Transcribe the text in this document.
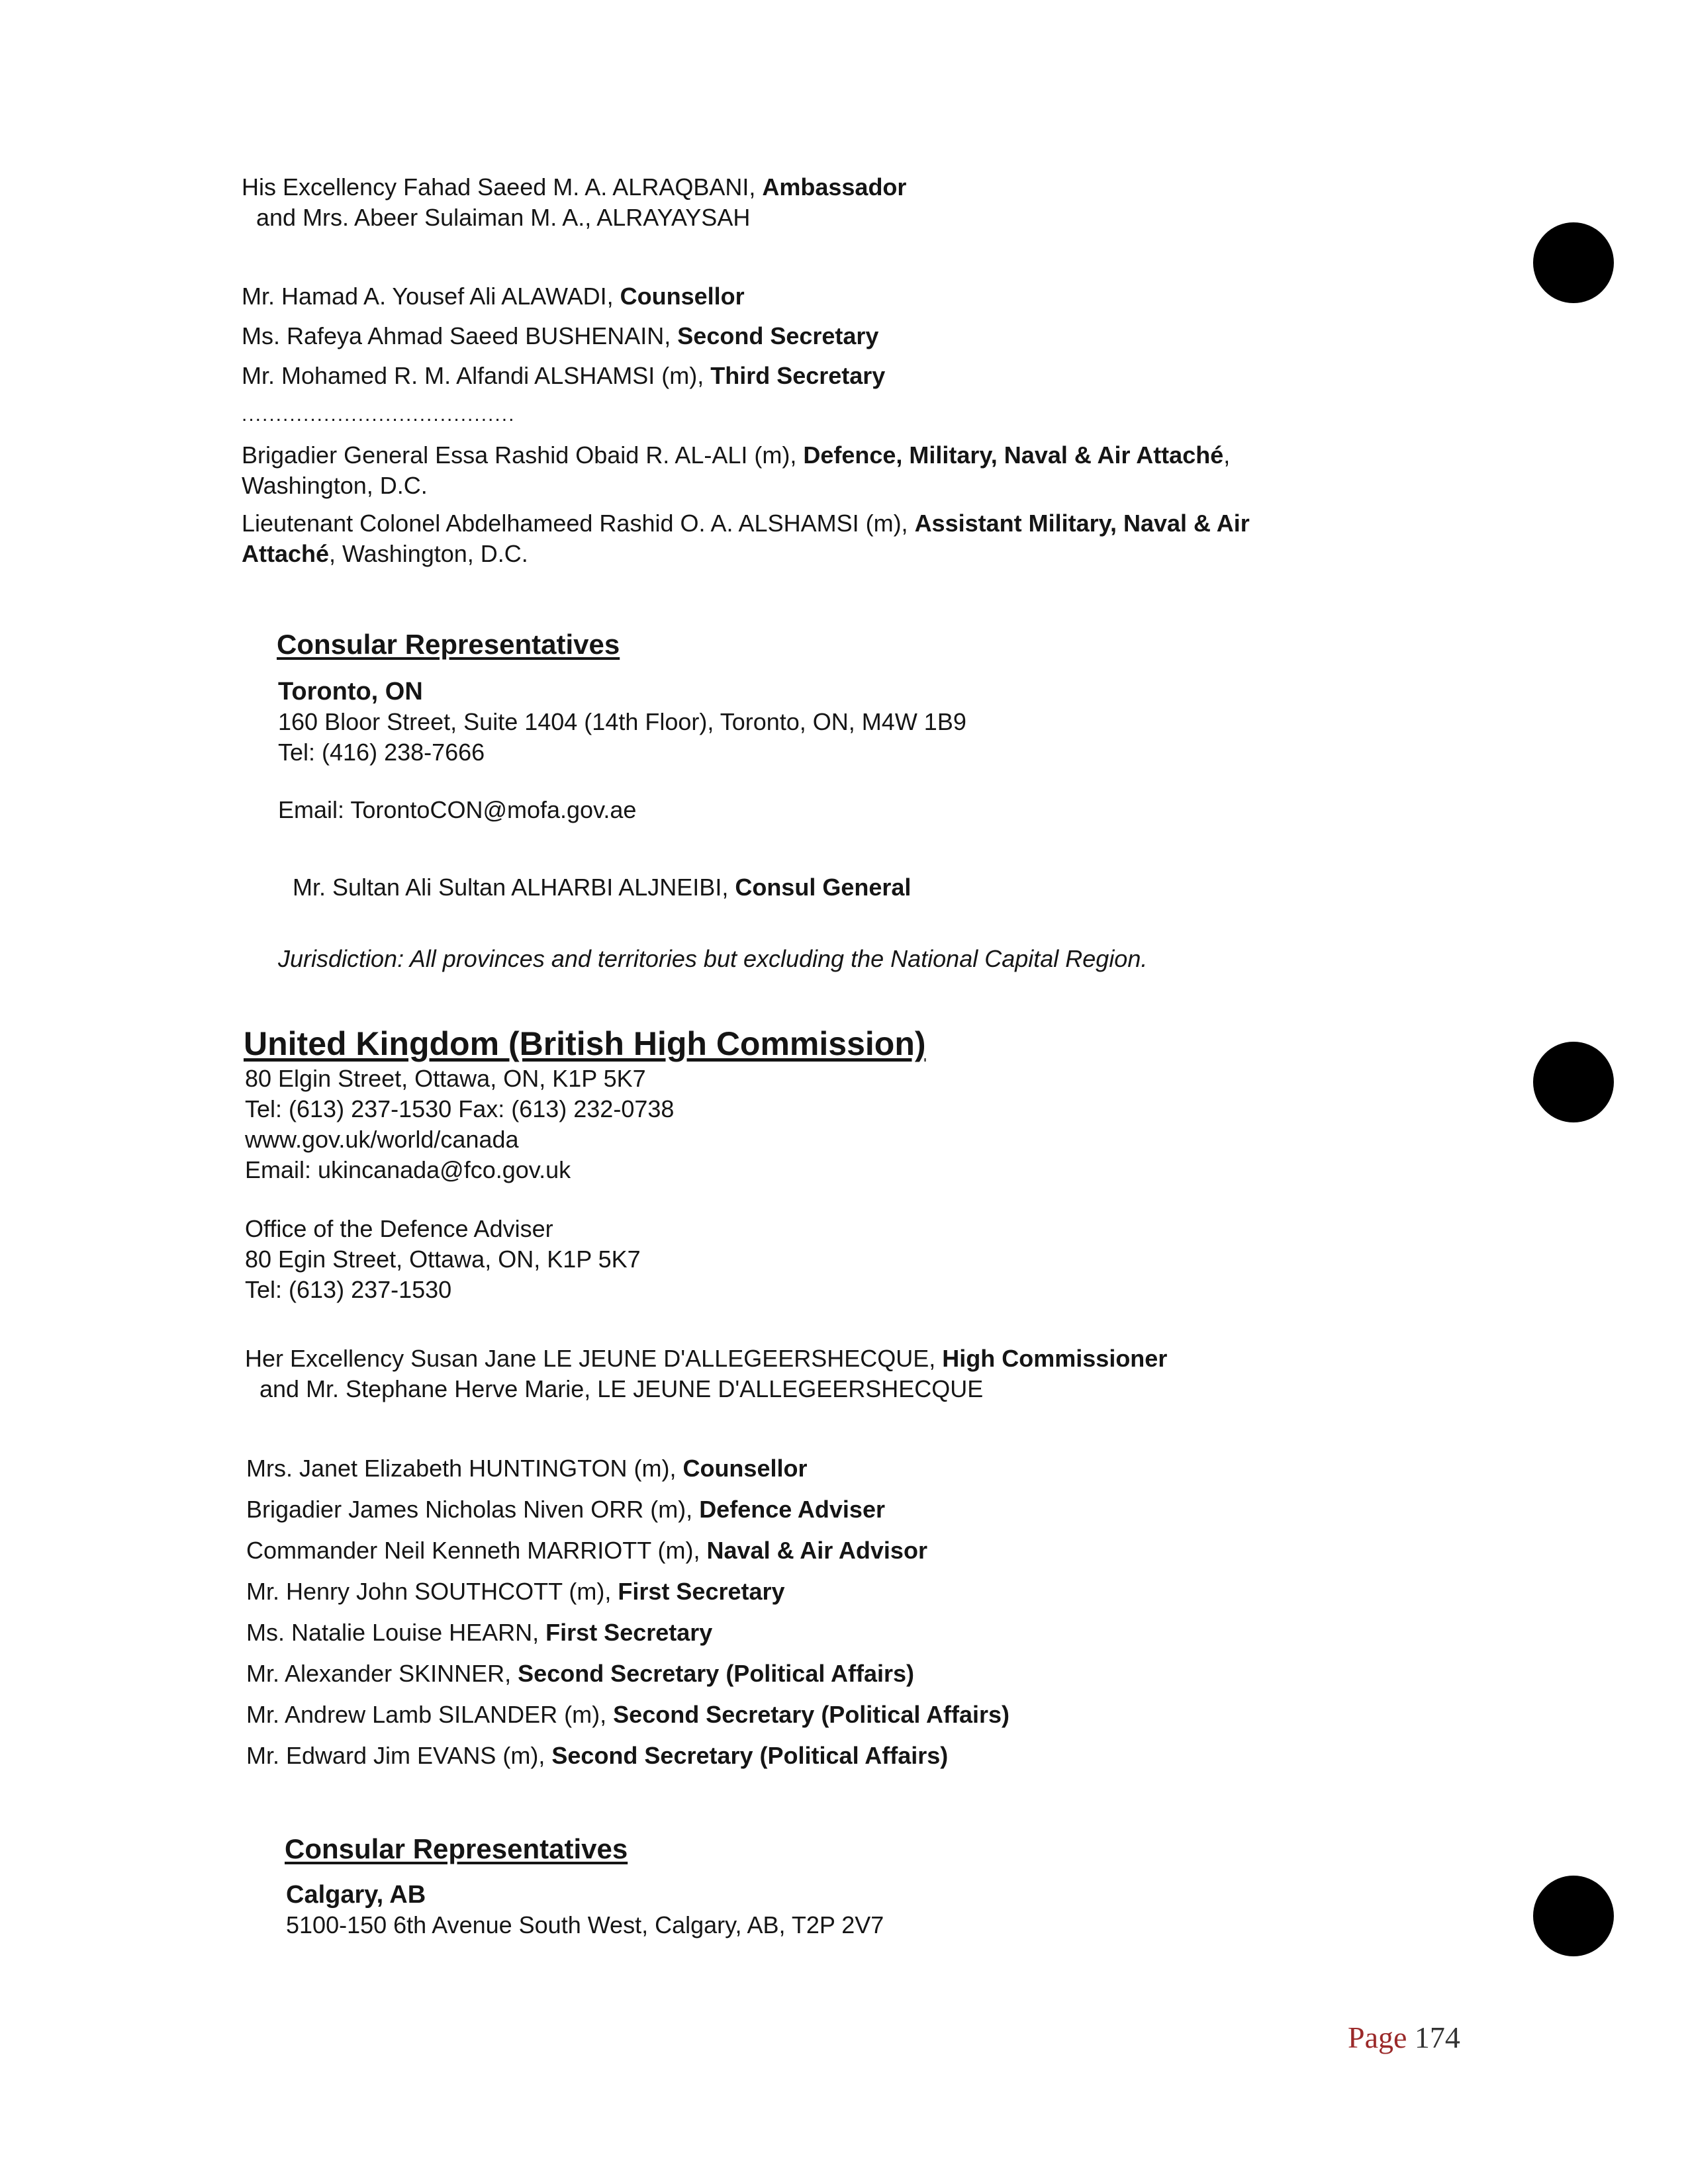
His Excellency Fahad Saeed M. A. ALRAQBANI, Ambassador
and Mrs. Abeer Sulaiman M. A., ALRAYAYSAH
Mr. Hamad A. Yousef Ali ALAWADI, Counsellor
Ms. Rafeya Ahmad Saeed BUSHENAIN, Second Secretary
Mr. Mohamed R. M. Alfandi ALSHAMSI (m), Third Secretary
........................................
Brigadier General Essa Rashid Obaid R. AL-ALI (m), Defence, Military, Naval & Air Attaché,
Washington, D.C.
Lieutenant Colonel Abdelhameed Rashid O. A. ALSHAMSI (m), Assistant Military, Naval & Air
Attaché, Washington, D.C.
Consular Representatives
Toronto, ON
160 Bloor Street, Suite 1404 (14th Floor), Toronto, ON, M4W 1B9
Tel: (416) 238-7666
Email: TorontoCON@mofa.gov.ae
Mr. Sultan Ali Sultan ALHARBI ALJNEIBI, Consul General
Jurisdiction: All provinces and territories but excluding the National Capital Region.
United Kingdom (British High Commission)
80 Elgin Street, Ottawa, ON, K1P 5K7
Tel: (613) 237-1530 Fax: (613) 232-0738
www.gov.uk/world/canada
Email: ukincanada@fco.gov.uk
Office of the Defence Adviser
80 Egin Street, Ottawa, ON, K1P 5K7
Tel: (613) 237-1530
Her Excellency Susan Jane LE JEUNE D'ALLEGEERSHECQUE, High Commissioner
and Mr. Stephane Herve Marie, LE JEUNE D'ALLEGEERSHECQUE
Mrs. Janet Elizabeth HUNTINGTON (m), Counsellor
Brigadier James Nicholas Niven ORR (m), Defence Adviser
Commander Neil Kenneth MARRIOTT (m), Naval & Air Advisor
Mr. Henry John SOUTHCOTT (m), First Secretary
Ms. Natalie Louise HEARN, First Secretary
Mr. Alexander SKINNER, Second Secretary (Political Affairs)
Mr. Andrew Lamb SILANDER (m), Second Secretary (Political Affairs)
Mr. Edward Jim EVANS (m), Second Secretary (Political Affairs)
Consular Representatives
Calgary, AB
5100-150 6th Avenue South West, Calgary, AB, T2P 2V7
Page 174
